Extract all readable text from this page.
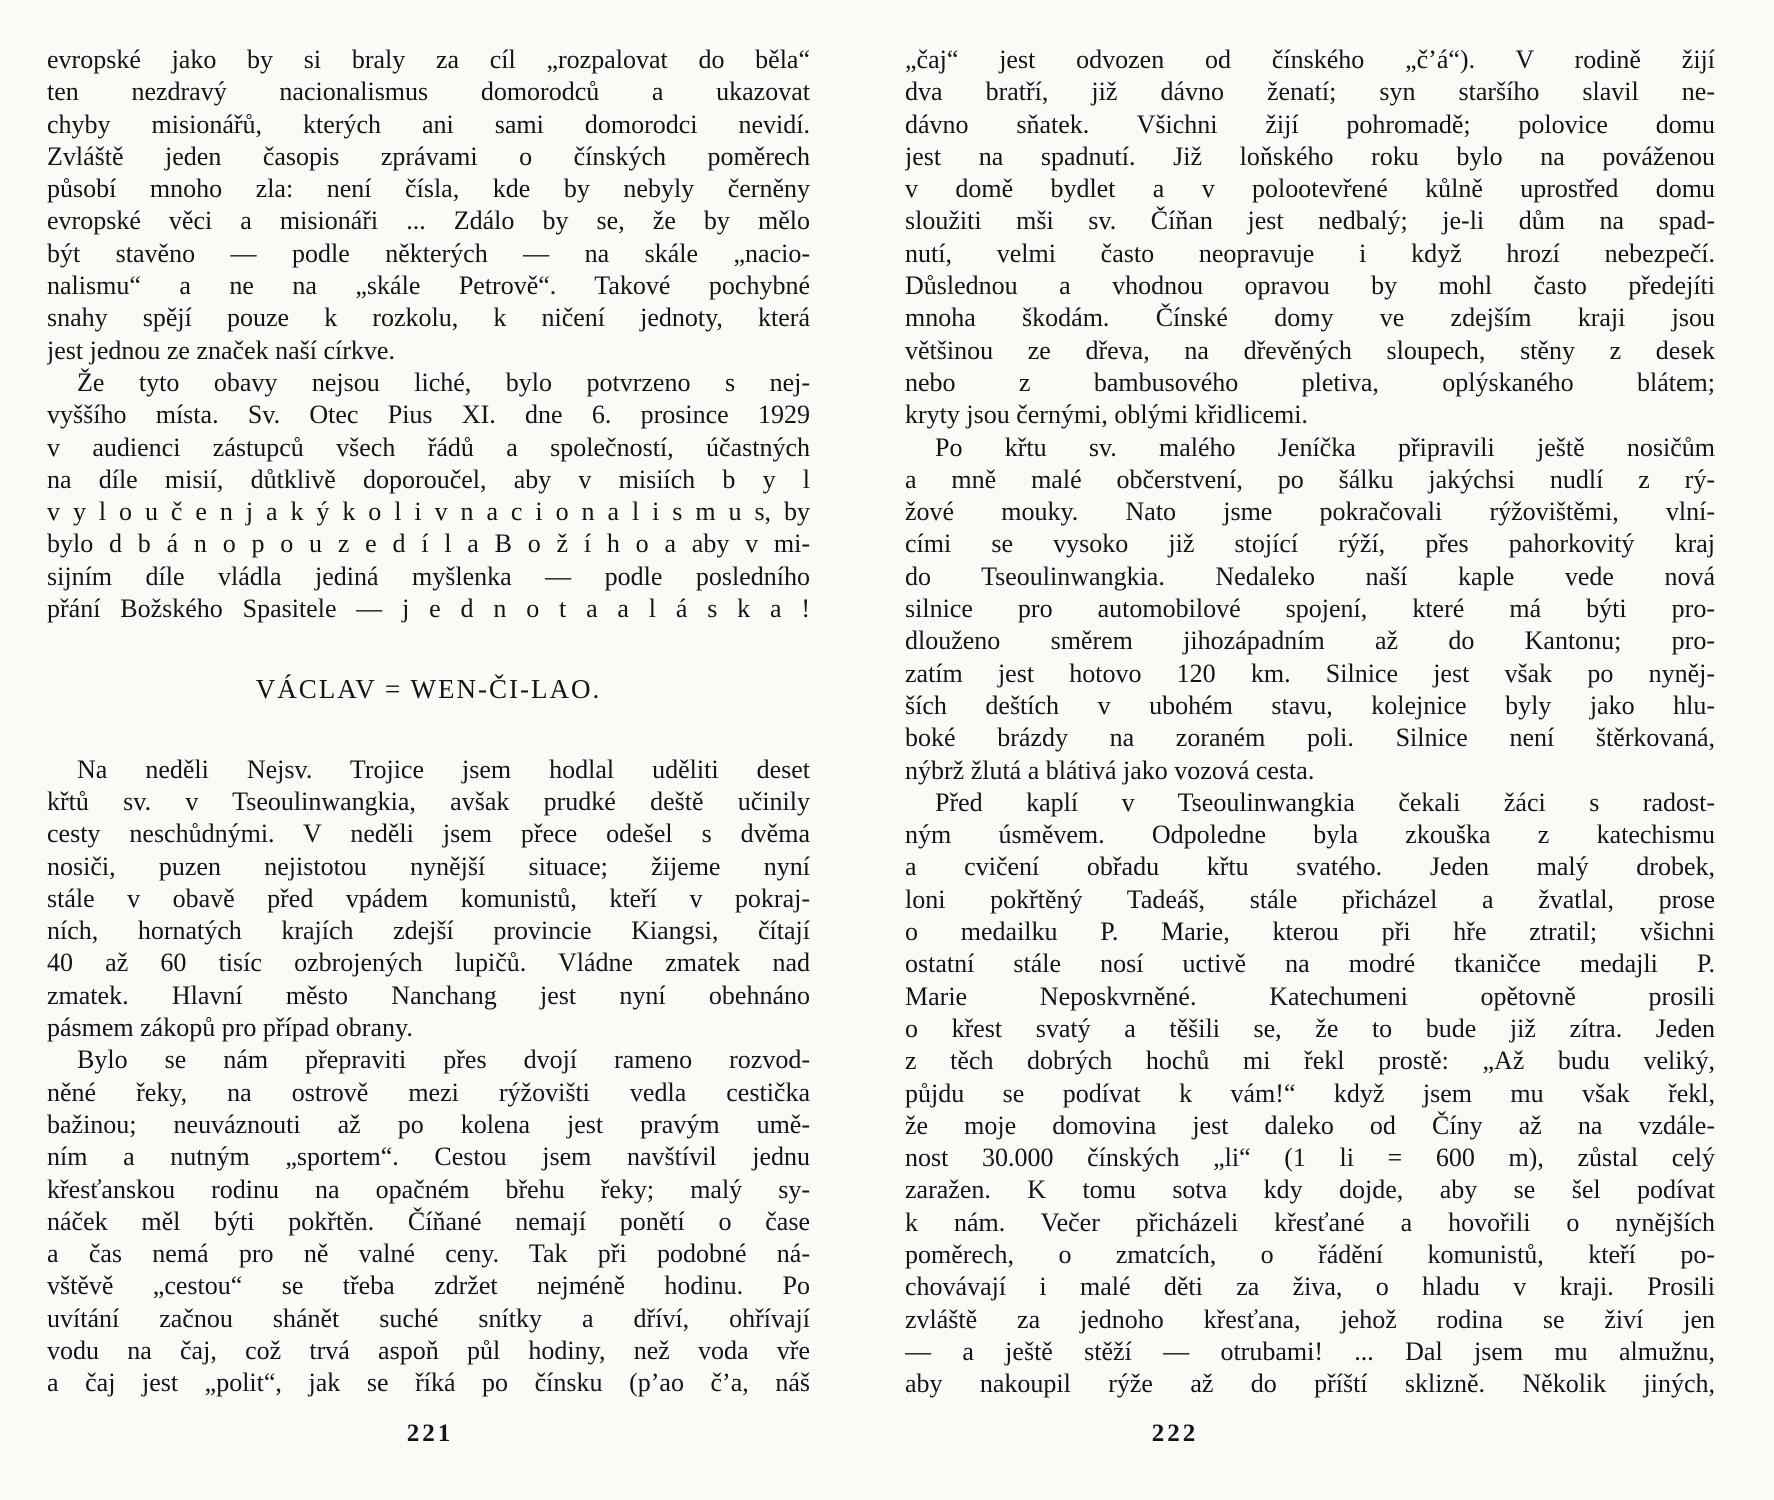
evropské jako by si braly za cíl „rozpalovat do běla“
ten nezdravý nacionalismus domorodců a ukazovat
chyby misionářů, kterých ani sami domorodci nevidí.
Zvláště jeden časopis zprávami o čínských poměrech
působí mnoho zla: není čísla, kde by nebyly černěny
evropské věci a misionáři ... Zdálo by se, že by mělo
být stavěno — podle některých — na skále „nacio-
nalismu“ a ne na „skále Petrově“. Takové pochybné
snahy spějí pouze k rozkolu, k ničení jednoty, která
jest jednou ze značek naší církve.
Že tyto obavy nejsou liché, bylo potvrzeno s nej-
vyššího místa. Sv. Otec Pius XI. dne 6. prosince 1929
v audienci zástupců všech řádů a společností, účastných
na díle misií, důtklivě doporoučel, aby v misiích b y l
v y l o u č e n j a k ý k o l i v n a c i o n a l i s m u s, by
bylo d b á n o p o u z e d í l a B o ž í h o a aby v mi-
sijním díle vládla jediná myšlenka — podle posledního
přání Božského Spasitele — j e d n o t a a l á s k a !
VÁCLAV = WEN-ČI-LAO.
Na neděli Nejsv. Trojice jsem hodlal uděliti deset
křtů sv. v Tseoulinwangkia, avšak prudké deště učinily
cesty neschůdnými. V neděli jsem přece odešel s dvěma
nosiči, puzen nejistotou nynější situace; žijeme nyní
stále v obavě před vpádem komunistů, kteří v pokraj-
ních, hornatých krajích zdejší provincie Kiangsi, čítají
40 až 60 tisíc ozbrojených lupičů. Vládne zmatek nad
zmatek. Hlavní město Nanchang jest nyní obehnáno
pásmem zákopů pro případ obrany.
Bylo se nám přepraviti přes dvojí rameno rozvod-
něné řeky, na ostrově mezi rýžovišti vedla cestička
bažinou; neuváznouti až po kolena jest pravým umě-
ním a nutným „sportem“. Cestou jsem navštívil jednu
křesťanskou rodinu na opačném břehu řeky; malý sy-
náček měl býti pokřtěn. Číňané nemají ponětí o čase
a čas nemá pro ně valné ceny. Tak při podobné ná-
vštěvě „cestou“ se třeba zdržet nejméně hodinu. Po
uvítání začnou shánět suché snítky a dříví, ohřívají
vodu na čaj, což trvá aspoň půl hodiny, než voda vře
a čaj jest „polit“, jak se říká po čínsku (p’ao č’a, náš
„čaj“ jest odvozen od čínského „č’á“). V rodině žijí
dva bratří, již dávno ženatí; syn staršího slavil ne-
dávno sňatek. Všichni žijí pohromadě; polovice domu
jest na spadnutí. Již loňského roku bylo na pováženou
v domě bydlet a v polootevřené kůlně uprostřed domu
sloužiti mši sv. Číňan jest nedbalý; je-li dům na spad-
nutí, velmi často neopravuje i když hrozí nebezpečí.
Důslednou a vhodnou opravou by mohl často předejíti
mnoha škodám. Čínské domy ve zdejším kraji jsou
většinou ze dřeva, na dřevěných sloupech, stěny z desek
nebo z bambusového pletiva, oplýskaného blátem;
kryty jsou černými, oblými křidlicemi.
Po křtu sv. malého Jeníčka připravili ještě nosičům
a mně malé občerstvení, po šálku jakýchsi nudlí z rý-
žové mouky. Nato jsme pokračovali rýžovištěmi, vlní-
cími se vysoko již stojící rýží, přes pahorkovitý kraj
do Tseoulinwangkia. Nedaleko naší kaple vede nová
silnice pro automobilové spojení, které má býti pro-
dlouženo směrem jihozápadním až do Kantonu; pro-
zatím jest hotovo 120 km. Silnice jest však po nyněj-
ších deštích v ubohém stavu, kolejnice byly jako hlu-
boké brázdy na zoraném poli. Silnice není štěrkovaná,
nýbrž žlutá a blátivá jako vozová cesta.
Před kaplí v Tseoulinwangkia čekali žáci s radost-
ným úsměvem. Odpoledne byla zkouška z katechismu
a cvičení obřadu křtu svatého. Jeden malý drobek,
loni pokřtěný Tadeáš, stále přicházel a žvatlal, prose
o medailku P. Marie, kterou při hře ztratil; všichni
ostatní stále nosí uctivě na modré tkaničce medajli P.
Marie Neposkvrněné. Katechumeni opětovně prosili
o křest svatý a těšili se, že to bude již zítra. Jeden
z těch dobrých hochů mi řekl prostě: „Až budu veliký,
půjdu se podívat k vám!“ když jsem mu však řekl,
že moje domovina jest daleko od Číny až na vzdále-
nost 30.000 čínských „li“ (1 li = 600 m), zůstal celý
zaražen. K tomu sotva kdy dojde, aby se šel podívat
k nám. Večer přicházeli křesťané a hovořili o nynějších
poměrech, o zmatcích, o řádění komunistů, kteří po-
chovávají i malé děti za živa, o hladu v kraji. Prosili
zvláště za jednoho křesťana, jehož rodina se živí jen
— a ještě stěží — otrubami! ... Dal jsem mu almužnu,
aby nakoupil rýže až do příští sklizně. Několik jiných,
221	222
